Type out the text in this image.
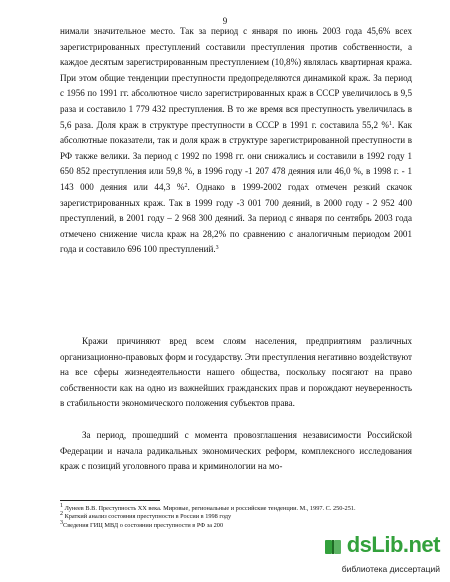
9

нимали значительное место. Так за период с января по июнь 2003 года 45,6% всех зарегистрированных преступлений составили преступления против собственности, а каждое десятым зарегистрированным преступлением (10,8%) являлась квартирная кража. При этом общие тенденции преступности предопределяются динамикой краж. За период с 1956 по 1991 гг. абсолютное число зарегистрированных краж в СССР увеличилось в 9,5 раза и составило 1 779 432 преступления. В то же время вся преступность увеличилась в 5,6 раза. Доля краж в структуре преступности в СССР в 1991 г. составила 55,2 %$^1$. Как абсолютные показатели, так и доля краж в структуре зарегистрированной преступности в РФ также велики. За период с 1992 по 1998 гг. они снижались и составили в 1992 году 1 650 852 преступления или 59,8 %, в 1996 году -1 207 478 деяния или 46,0 %, в 1998 г. - 1 143 000 деяния или 44,3 %$^2$. Однако в 1999-2002 годах отмечен резкий скачок зарегистрированных краж. Так в 1999 году -3 001 700 деяний, в 2000 году - 2 952 400 преступлений, в 2001 году – 2 968 300 деяний. За период с января по сентябрь 2003 года отмечено снижение числа краж на 28,2% по сравнению с аналогичным периодом 2001 года и составило 696 100 преступлений.$^3$

Кражи причиняют вред всем слоям населения, предприятиям различных организационно-правовых форм и государству. Эти преступления негативно воздействуют на все сферы жизнедеятельности нашего общества, поскольку посягают на право собственности как на одно из важнейших гражданских прав и порождают неуверенность в стабильности экономического положения субъектов права.

За период, прошедший с момента провозглашения независимости Российской Федерации и начала радикальных экономических реформ, комплексного исследования краж с позиций уголовного права и криминологии на мо-

$^1$ Лунеев В.В. Преступность XX века. Мировые, региональные и российские тенденции. М., 1997. С. 250-251.

$^2$ Краткий анализ состояния преступности в России в 1998 году

$^3$Сведения ГИЦ МВД о состоянии преступности в РФ за 200

dsLib.net
библиотека диссертаций
